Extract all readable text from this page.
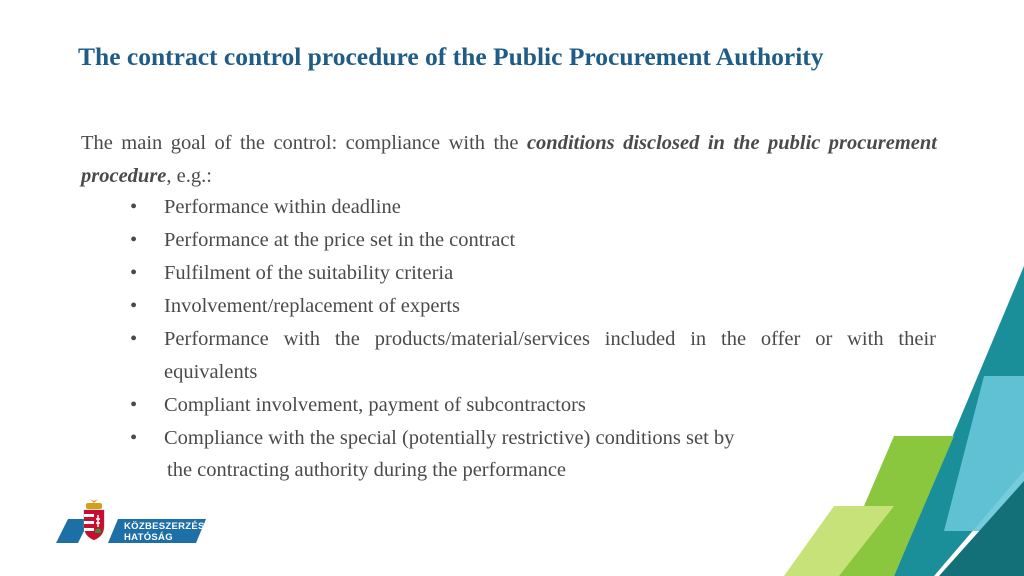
The contract control procedure of the Public Procurement Authority

The main goal of the control: compliance with the conditions disclosed in the public procurement procedure, e.g.:

•	Performance within deadline
•	Performance at the price set in the contract
•	Fulfilment of the suitability criteria
•	Involvement/replacement of experts
•	Performance with the products/material/services included in the offer or with their equivalents
•	Compliant involvement, payment of subcontractors
•	Compliance with the special (potentially restrictive) conditions set by
the contracting authority during the performance
KÖZBESZERZÉSI
HATÓSÁG
